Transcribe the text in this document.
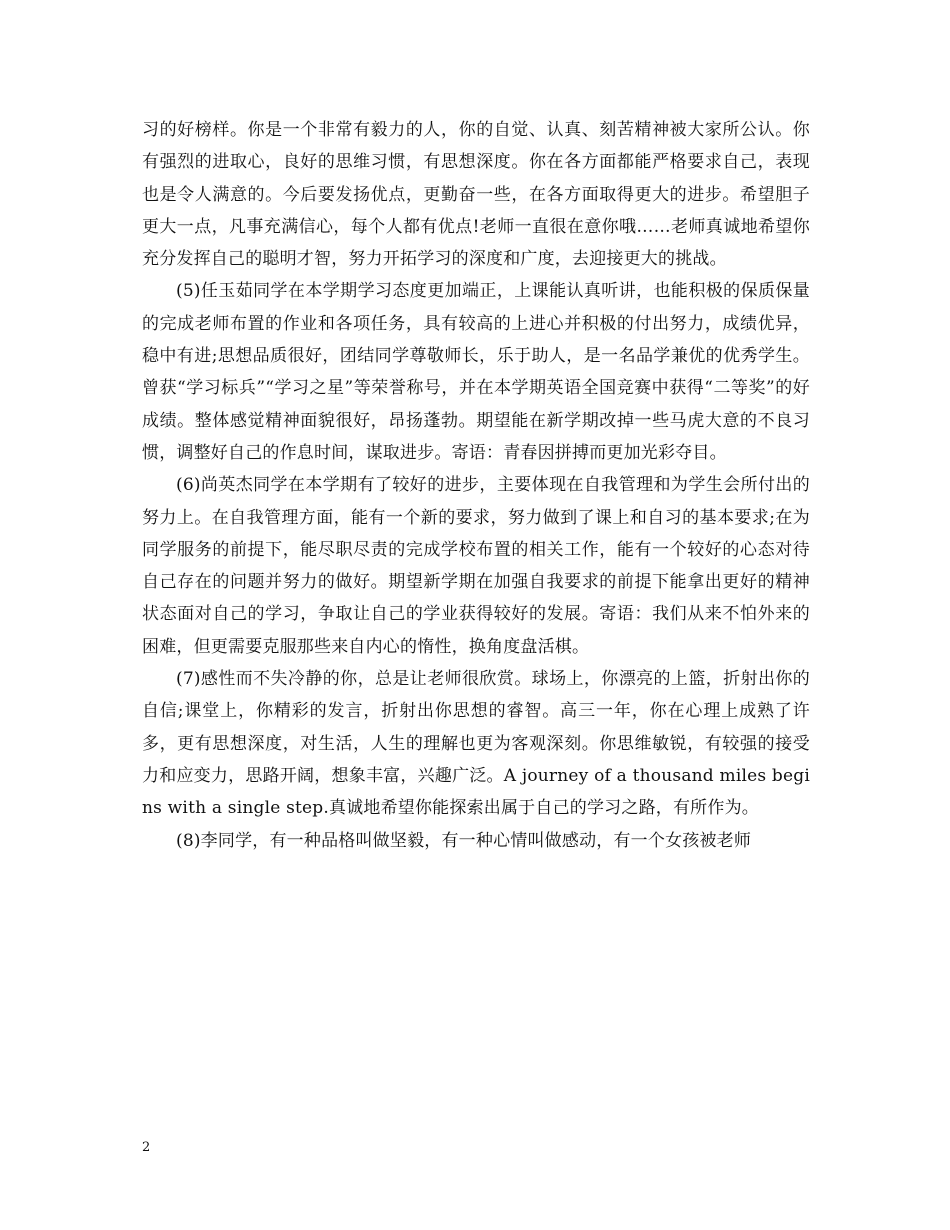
习的好榜样。你是一个非常有毅力的人，你的自觉、认真、刻苦精神被大家所公认。你有强烈的进取心，良好的思维习惯，有思想深度。你在各方面都能严格要求自己，表现也是令人满意的。今后要发扬优点，更勤奋一些，在各方面取得更大的进步。希望胆子更大一点，凡事充满信心，每个人都有优点!老师一直很在意你哦……老师真诚地希望你充分发挥自己的聪明才智，努力开拓学习的深度和广度，去迎接更大的挑战。

(5)任玉茹同学在本学期学习态度更加端正，上课能认真听讲，也能积极的保质保量的完成老师布置的作业和各项任务，具有较高的上进心并积极的付出努力，成绩优异，稳中有进;思想品质很好，团结同学尊敬师长，乐于助人，是一名品学兼优的优秀学生。曾获“学习标兵”“学习之星”等荣誉称号，并在本学期英语全国竞赛中获得“二等奖”的好成绩。整体感觉精神面貌很好，昂扬蓬勃。期望能在新学期改掉一些马虎大意的不良习惯，调整好自己的作息时间，谋取进步。寄语：青春因拼搏而更加光彩夺目。

(6)尚英杰同学在本学期有了较好的进步，主要体现在自我管理和为学生会所付出的努力上。在自我管理方面，能有一个新的要求，努力做到了课上和自习的基本要求;在为同学服务的前提下，能尽职尽责的完成学校布置的相关工作，能有一个较好的心态对待自己存在的问题并努力的做好。期望新学期在加强自我要求的前提下能拿出更好的精神状态面对自己的学习，争取让自己的学业获得较好的发展。寄语：我们从来不怕外来的困难，但更需要克服那些来自内心的惰性，换角度盘活棋。

(7)感性而不失冷静的你，总是让老师很欣赏。球场上，你漂亮的上篮，折射出你的自信;课堂上，你精彩的发言，折射出你思想的睿智。高三一年，你在心理上成熟了许多，更有思想深度，对生活，人生的理解也更为客观深刻。你思维敏锐，有较强的接受力和应变力，思路开阔，想象丰富，兴趣广泛。A journey of a thousand miles begins with a single step.真诚地希望你能探索出属于自己的学习之路，有所作为。

(8)李同学，有一种品格叫做坚毅，有一种心情叫做感动，有一个女孩被老师

2
